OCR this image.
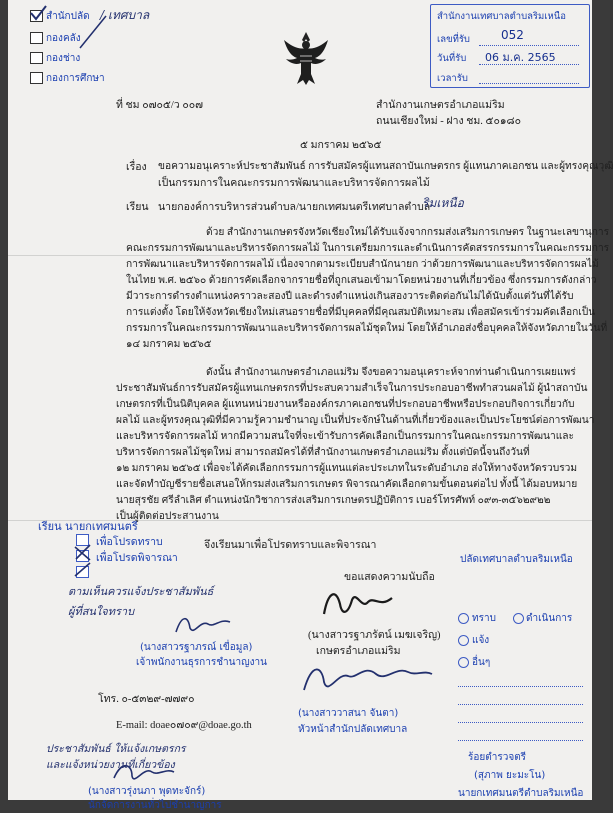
สำนักปลัด / เทศบาล
กองคลัง
กองช่าง
กองการศึกษา
สำนักงานเทศบาลตำบลริมเหนือ
เลขที่รับ	052
วันที่รับ 06 ม.ค. 2565
เวลารับ
ที่ ชม ๐๗๐๕/ว ๐๐๗	สำนักงานเกษตรอำเภอแม่ริม
ถนนเชียงใหม่ - ฝาง ชม. ๕๐๑๘๐
๕ มกราคม ๒๕๖๕
เรื่อง ขอความอนุเคราะห์ประชาสัมพันธ์ การรับสมัครผู้แทนสถาบันเกษตรกร ผู้แทนภาคเอกชน และผู้ทรงคุณวุฒิ
เป็นกรรมการในคณะกรรมการพัฒนาและบริหารจัดการผลไม้
เรียน นายกองค์การบริหารส่วนตำบล/นายกเทศมนตรีเทศบาลตำบล
ริมเหนือ
ด้วย สำนักงานเกษตรจังหวัดเชียงใหม่ได้รับแจ้งจากกรมส่งเสริมการเกษตร ในฐานะเลขานุการ
คณะกรรมการพัฒนาและบริหารจัดการผลไม้ ในการเตรียมการและดำเนินการคัดสรรกรรมการในคณะกรรมการ
การพัฒนาและบริหารจัดการผลไม้ เนื่องจากตามระเบียบสำนักนายก ว่าด้วยการพัฒนาและบริหารจัดการผลไม้
ในไทย พ.ศ. ๒๕๖๐ ด้วยการคัดเลือกจากรายชื่อที่ถูกเสนอเข้ามาโดยหน่วยงานที่เกี่ยวข้อง ซึ่งกรรมการดังกล่าว
มีวาระการดำรงตำแหน่งคราวละสองปี และดำรงตำแหน่งเกินสองวาระติดต่อกันไม่ได้นับตั้งแต่วันที่ได้รับ
การแต่งตั้ง โดยให้จังหวัดเชียงใหม่เสนอรายชื่อที่มีบุคคลที่มีคุณสมบัติเหมาะสม เพื่อสมัครเข้าร่วมคัดเลือกเป็น
กรรมการในคณะกรรมการพัฒนาและบริหารจัดการผลไม้ชุดใหม่ โดยให้อำเภอส่งชื่อบุคคลให้จังหวัดภายในวันที่
๑๔ มกราคม ๒๕๖๕
ดังนั้น สำนักงานเกษตรอำเภอแม่ริม จึงขอความอนุเคราะห์จากท่านดำเนินการเผยแพร่
ประชาสัมพันธ์การรับสมัครผู้แทนเกษตรกรที่ประสบความสำเร็จในการประกอบอาชีพทำสวนผลไม้ ผู้นำสถาบัน
เกษตรกรที่เป็นนิติบุคคล ผู้แทนหน่วยงานหรือองค์กรภาคเอกชนที่ประกอบอาชีพหรือประกอบกิจการเกี่ยวกับ
ผลไม้ และผู้ทรงคุณวุฒิที่มีความรู้ความชำนาญ เป็นที่ประจักษ์ในด้านที่เกี่ยวข้องและเป็นประโยชน์ต่อการพัฒนา
และบริหารจัดการผลไม้ หากมีความสนใจที่จะเข้ารับการคัดเลือกเป็นกรรมการในคณะกรรมการพัฒนาและ
บริหารจัดการผลไม้ชุดใหม่ สามารถสมัครได้ที่สำนักงานเกษตรอำเภอแม่ริม ตั้งแต่บัดนี้จนถึงวันที่
๑๒ มกราคม ๒๕๖๕ เพื่อจะได้คัดเลือกกรรมการผู้แทนแต่ละประเภทในระดับอำเภอ ส่งให้ทางจังหวัดรวบรวม
และจัดทำบัญชีรายชื่อเสนอให้กรมส่งเสริมการเกษตร พิจารณาคัดเลือกตามขั้นตอนต่อไป ทั้งนี้ ได้มอบหมาย
นายสุรชัย ศรีลำเลิศ ตำแหน่งนักวิชาการส่งเสริมการเกษตรปฏิบัติการ เบอร์โทรศัพท์ ๐๙๓-๓๕๖๒๙๒๒
เป็นผู้ติดต่อประสานงาน
จึงเรียนมาเพื่อโปรดทราบและพิจารณา
ขอแสดงความนับถือ
(นางสาวรฐาภรัตน์ เมฆเจริญ)
เกษตรอำเภอแม่ริม
โทร. ๐-๕๓๒๙-๗๗๙๐
E-mail: doae๐๗๐๙@doae.go.th
เรียน นายกเทศมนตรี
เพื่อโปรดทราบ
เพื่อโปรดพิจารณา
ตามเห็นควรแจ้งประชาสัมพันธ์
ผู้ที่สนใจทราบ
(นางสาวรฐาภรณ์ เขื่อมูล)
เจ้าพนักงานธุรการชำนาญงาน
ประชาสัมพันธ์ ให้แจ้งเกษตรกร
และแจ้งหน่วยงานที่เกี่ยวข้อง
(นางสาวรุ่งนภา พุดทะจักร์)
นักจัดการงานทั่วไปชำนาญการ
(นางสาววาสนา จันตา)
หัวหน้าสำนักปลัดเทศบาล
ปลัดเทศบาลตำบลริมเหนือ
ทราบ	ดำเนินการ
แจ้ง
อื่นๆ
ร้อยตำรวจตรี
(สุภาพ ยะมะโน)
นายกเทศมนตรีตำบลริมเหนือ
